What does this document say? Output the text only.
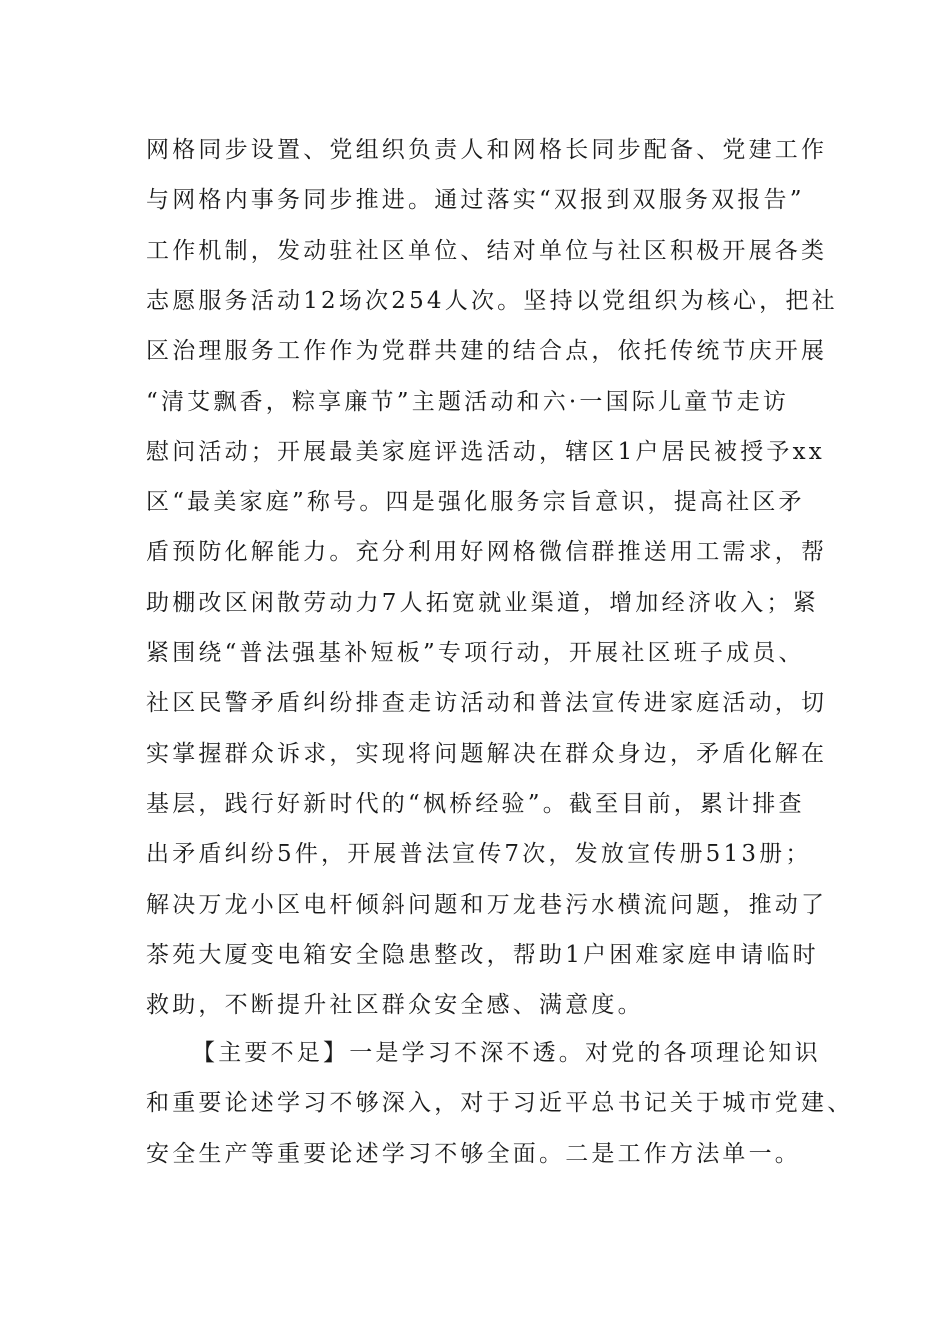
网格同步设置、党组织负责人和网格长同步配备、党建工作
与网格内事务同步推进。通过落实“双报到双服务双报告”
工作机制，发动驻社区单位、结对单位与社区积极开展各类
志愿服务活动12场次254人次。坚持以党组织为核心，把社
区治理服务工作作为党群共建的结合点，依托传统节庆开展
“清艾飘香，粽享廉节”主题活动和六·一国际儿童节走访
慰问活动；开展最美家庭评选活动，辖区1户居民被授予xx
区“最美家庭”称号。四是强化服务宗旨意识，提高社区矛
盾预防化解能力。充分利用好网格微信群推送用工需求，帮
助棚改区闲散劳动力7人拓宽就业渠道，增加经济收入；紧
紧围绕“普法强基补短板”专项行动，开展社区班子成员、
社区民警矛盾纠纷排查走访活动和普法宣传进家庭活动，切
实掌握群众诉求，实现将问题解决在群众身边，矛盾化解在
基层，践行好新时代的“枫桥经验”。截至目前，累计排查
出矛盾纠纷5件，开展普法宣传7次，发放宣传册513册；
解决万龙小区电杆倾斜问题和万龙巷污水横流问题，推动了
茶苑大厦变电箱安全隐患整改，帮助1户困难家庭申请临时
救助，不断提升社区群众安全感、满意度。
【主要不足】一是学习不深不透。对党的各项理论知识
和重要论述学习不够深入，对于习近平总书记关于城市党建、
安全生产等重要论述学习不够全面。二是工作方法单一。
